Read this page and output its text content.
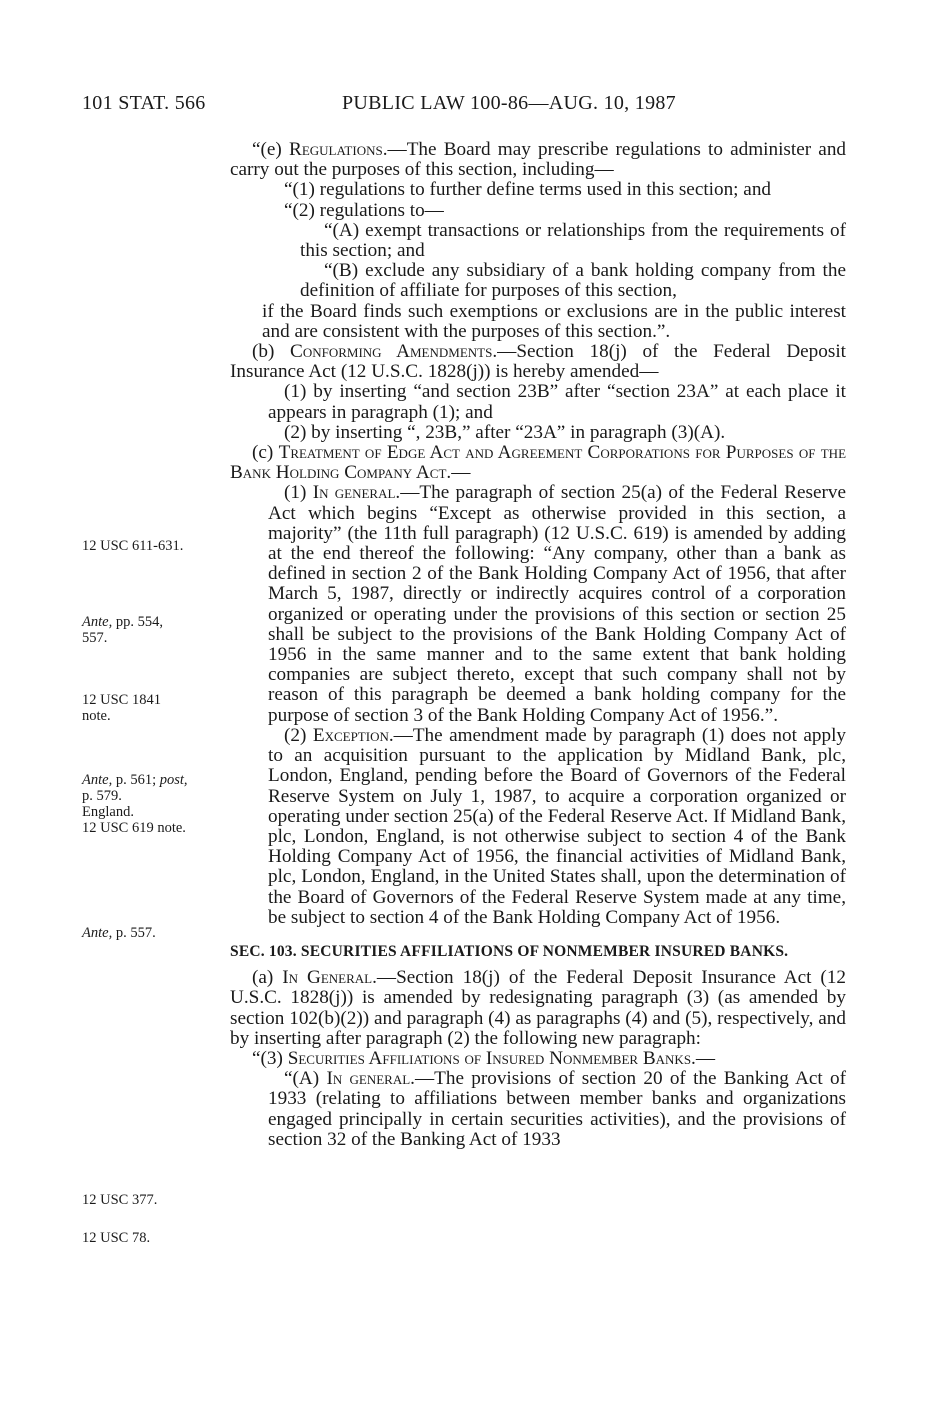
101 STAT. 566	PUBLIC LAW 100-86—AUG. 10, 1987
12 USC 611-631.
Ante, pp. 554,
557.
12 USC 1841
note.
Ante, p. 561; post,
p. 579.
England.
12 USC 619 note.
Ante, p. 557.
12 USC 377.
12 USC 78.

“(e) Regulations.—The Board may prescribe regulations to administer and carry out the purposes of this section, including—

“(1) regulations to further define terms used in this section; and

“(2) regulations to—

“(A) exempt transactions or relationships from the requirements of this section; and

“(B) exclude any subsidiary of a bank holding company from the definition of affiliate for purposes of this section,

if the Board finds such exemptions or exclusions are in the public interest and are consistent with the purposes of this section.”.

(b) Conforming Amendments.—Section 18(j) of the Federal Deposit Insurance Act (12 U.S.C. 1828(j)) is hereby amended—

(1) by inserting “and section 23B” after “section 23A” at each place it appears in paragraph (1); and

(2) by inserting “, 23B,” after “23A” in paragraph (3)(A).

(c) Treatment of Edge Act and Agreement Corporations for Purposes of the Bank Holding Company Act.—

(1) In general.—The paragraph of section 25(a) of the Federal Reserve Act which begins “Except as otherwise provided in this section, a majority” (the 11th full paragraph) (12 U.S.C. 619) is amended by adding at the end thereof the following: “Any company, other than a bank as defined in section 2 of the Bank Holding Company Act of 1956, that after March 5, 1987, directly or indirectly acquires control of a corporation organized or operating under the provisions of this section or section 25 shall be subject to the provisions of the Bank Holding Company Act of 1956 in the same manner and to the same extent that bank holding companies are subject thereto, except that such company shall not by reason of this paragraph be deemed a bank holding company for the purpose of section 3 of the Bank Holding Company Act of 1956.”.

(2) Exception.—The amendment made by paragraph (1) does not apply to an acquisition pursuant to the application by Midland Bank, plc, London, England, pending before the Board of Governors of the Federal Reserve System on July 1, 1987, to acquire a corporation organized or operating under section 25(a) of the Federal Reserve Act. If Midland Bank, plc, London, England, is not otherwise subject to section 4 of the Bank Holding Company Act of 1956, the financial activities of Midland Bank, plc, London, England, in the United States shall, upon the determination of the Board of Governors of the Federal Reserve System made at any time, be subject to section 4 of the Bank Holding Company Act of 1956.

SEC. 103. SECURITIES AFFILIATIONS OF NONMEMBER INSURED BANKS.

(a) In General.—Section 18(j) of the Federal Deposit Insurance Act (12 U.S.C. 1828(j)) is amended by redesignating paragraph (3) (as amended by section 102(b)(2)) and paragraph (4) as paragraphs (4) and (5), respectively, and by inserting after paragraph (2) the following new paragraph:

“(3) Securities Affiliations of Insured Nonmember Banks.—

“(A) In general.—The provisions of section 20 of the Banking Act of 1933 (relating to affiliations between member banks and organizations engaged principally in certain securities activities), and the provisions of section 32 of the Banking Act of 1933
